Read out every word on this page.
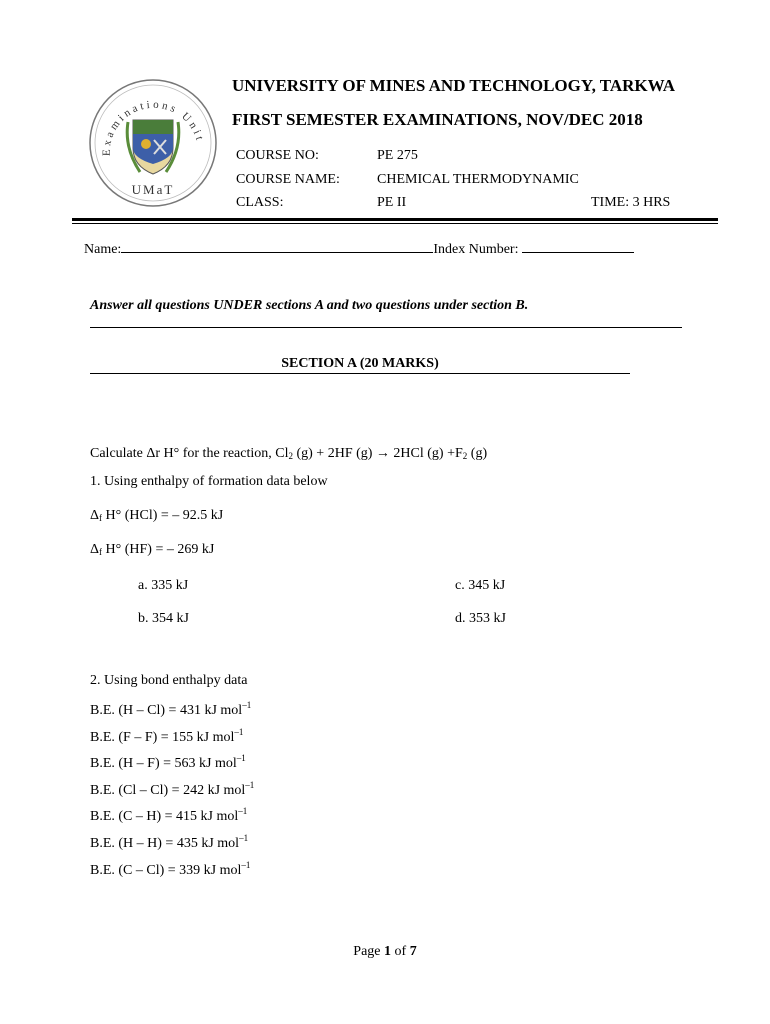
Examinations Unit
UMaT
UNIVERSITY OF MINES AND TECHNOLOGY, TARKWA
FIRST SEMESTER EXAMINATIONS, NOV/DEC 2018
COURSE NO:	PE 275
COURSE NAME:	CHEMICAL THERMODYNAMIC
CLASS:	PE II	TIME: 3 HRS
Name:	Index Number:
Answer all questions UNDER sections A and two questions under section B.
SECTION A (20 MARKS)
Calculate Δr H° for the reaction, $Cl_2$ (g) + 2HF (g) → 2HCl $(g) +F_2$ (g)
1. Using enthalpy of formation data below
$\Delta_f$ H° (HCl) = – 92.5 kJ
$\Delta_f$ H° (HF) = – 269 kJ
a. 335 kJ	c. 345 kJ
b. 354 kJ	d. 353 kJ
2. Using bond enthalpy data
B.E. (H – Cl) = 431 kJ mol$^{-1}$
B.E. (F – F) = 155 kJ mol$^{-1}$
B.E. (H – F) = 563 kJ mol$^{-1}$
B.E. (Cl – Cl) = 242 kJ mol$^{-1}$
B.E. (C – H) = 415 kJ mol$^{-1}$
B.E. (H – H) = 435 kJ mol$^{-1}$
B.E. (C – Cl) = 339 kJ mol$^{-1}$
Page 1 of 7
